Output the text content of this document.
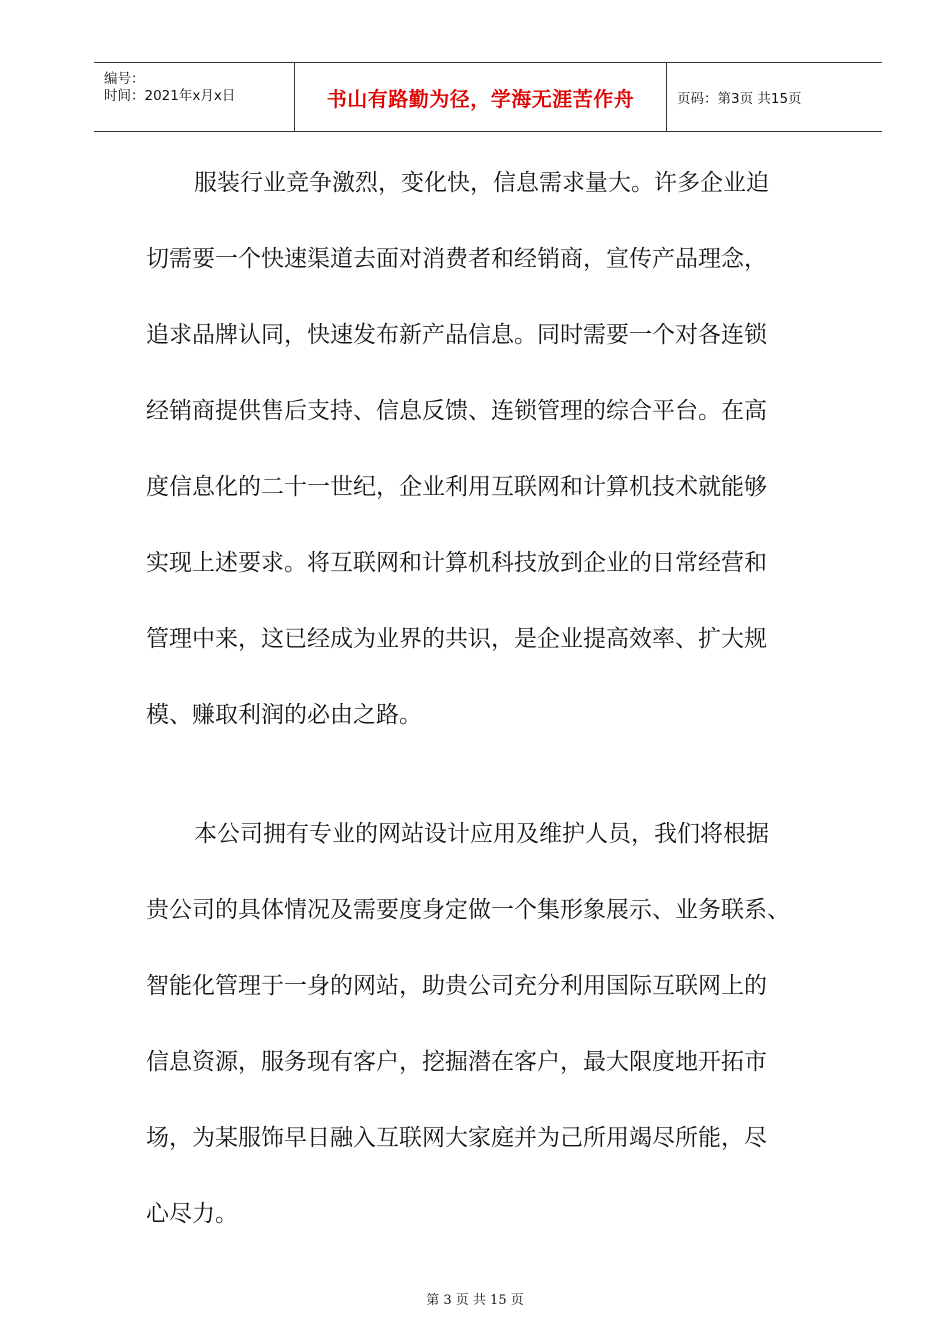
编号：
时间：2021年x月x日	书山有路勤为径，学海无涯苦作舟	页码：第3页 共15页
服装行业竞争激烈，变化快，信息需求量大。许多企业迫
切需要一个快速渠道去面对消费者和经销商，宣传产品理念，
追求品牌认同，快速发布新产品信息。同时需要一个对各连锁
经销商提供售后支持、信息反馈、连锁管理的综合平台。在高
度信息化的二十一世纪，企业利用互联网和计算机技术就能够
实现上述要求。将互联网和计算机科技放到企业的日常经营和
管理中来，这已经成为业界的共识，是企业提高效率、扩大规
模、赚取利润的必由之路。
本公司拥有专业的网站设计应用及维护人员，我们将根据
贵公司的具体情况及需要度身定做一个集形象展示、业务联系、
智能化管理于一身的网站，助贵公司充分利用国际互联网上的
信息资源，服务现有客户，挖掘潜在客户，最大限度地开拓市
场，为某服饰早日融入互联网大家庭并为己所用竭尽所能，尽
心尽力。
第 3 页 共 15 页
